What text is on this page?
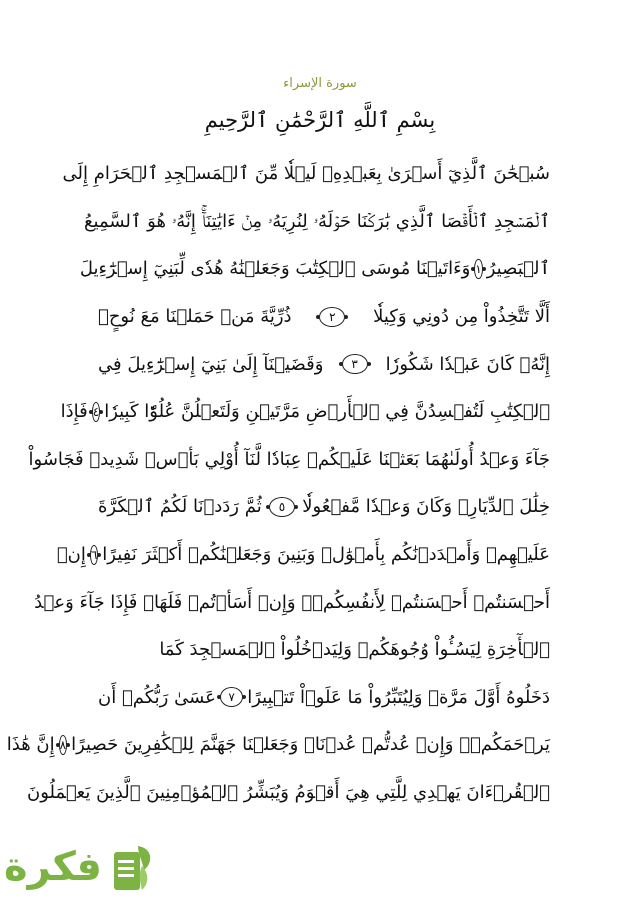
سورة الإسراء
بِسْمِ ٱللَّهِ ٱلرَّحْمَٰنِ ٱلرَّحِيمِ
سُبۡحَٰنَ ٱلَّذِيٓ أَسۡرَىٰ بِعَبۡدِهِۦ لَيۡلٗا مِّنَ ٱلۡمَسۡجِدِ ٱلۡحَرَامِ إِلَى
ٱلۡمَسۡجِدِ ٱلۡأَقۡصَا ٱلَّذِي بَٰرَكۡنَا حَوۡلَهُۥ لِنُرِيَهُۥ مِنۡ ءَايَٰتِنَآۚ إِنَّهُۥ هُوَ ٱلسَّمِيعُ
ٱلۡبَصِيرُ
١
وَءَاتَيۡنَا مُوسَى ٱلۡكِتَٰبَ وَجَعَلۡنَٰهُ هُدٗى لِّبَنِيٓ إِسۡرَٰٓءِيلَ
أَلَّا تَتَّخِذُواْ مِن دُونِي وَكِيلٗا
٢
ذُرِّيَّةَ مَنۡ حَمَلۡنَا مَعَ نُوحٍۚ
إِنَّهُۥ كَانَ عَبۡدٗا شَكُورٗا
٣
وَقَضَيۡنَآ إِلَىٰ بَنِيٓ إِسۡرَٰٓءِيلَ فِي
ٱلۡكِتَٰبِ لَتُفۡسِدُنَّ فِي ٱلۡأَرۡضِ مَرَّتَيۡنِ وَلَتَعۡلُنَّ عُلُوّٗا كَبِيرٗا
٤
فَإِذَا
جَآءَ وَعۡدُ أُولَىٰهُمَا بَعَثۡنَا عَلَيۡكُمۡ عِبَادٗا لَّنَآ أُوْلِي بَأۡسٖ شَدِيدٖ فَجَاسُواْ
خِلَٰلَ ٱلدِّيَارِۚ وَكَانَ وَعۡدٗا مَّفۡعُولٗا
٥
ثُمَّ رَدَدۡنَا لَكُمُ ٱلۡكَرَّةَ
عَلَيۡهِمۡ وَأَمۡدَدۡنَٰكُم بِأَمۡوَٰلٖ وَبَنِينَ وَجَعَلۡنَٰكُمۡ أَكۡثَرَ نَفِيرًا
٦
إِنۡ
أَحۡسَنتُمۡ أَحۡسَنتُمۡ لِأَنفُسِكُمۡۖ وَإِنۡ أَسَأۡتُمۡ فَلَهَاۚ فَإِذَا جَآءَ وَعۡدُ
ٱلۡأٓخِرَةِ لِيَسُـُٔواْ وُجُوهَكُمۡ وَلِيَدۡخُلُواْ ٱلۡمَسۡجِدَ كَمَا
دَخَلُوهُ أَوَّلَ مَرَّةٖ وَلِيُتَبِّرُواْ مَا عَلَوۡاْ تَتۡبِيرًا
٧
عَسَىٰ رَبُّكُمۡ أَن
يَرۡحَمَكُمۡۚ وَإِنۡ عُدتُّمۡ عُدۡنَاۚ وَجَعَلۡنَا جَهَنَّمَ لِلۡكَٰفِرِينَ حَصِيرًا
٨
إِنَّ هَٰذَا
ٱلۡقُرۡءَانَ يَهۡدِي لِلَّتِي هِيَ أَقۡوَمُ وَيُبَشِّرُ ٱلۡمُؤۡمِنِينَ ٱلَّذِينَ يَعۡمَلُونَ
فكرة
